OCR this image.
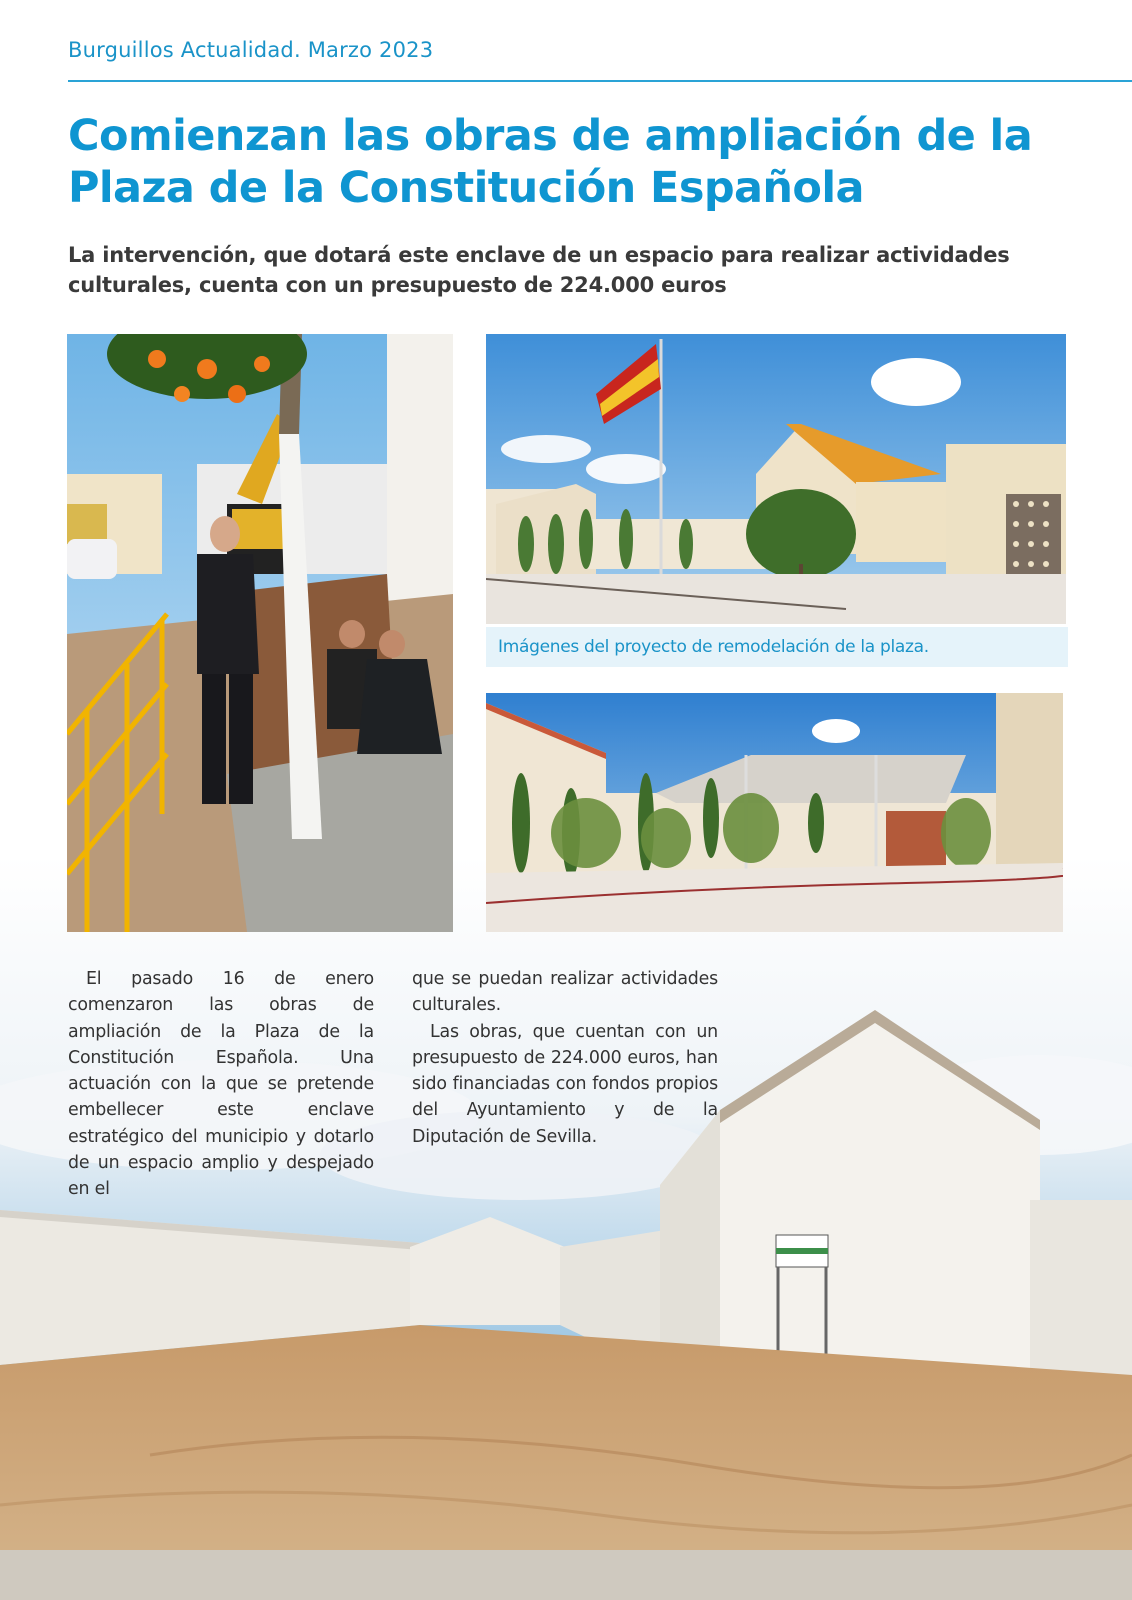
Burguillos Actualidad. Marzo 2023
Comienzan las obras de ampliación de la Plaza de la Constitución Española

La intervención, que dotará este enclave de un espacio para realizar actividades culturales, cuenta con un presupuesto de 224.000 euros

Imágenes del proyecto de remodelación de la plaza.

El pasado 16 de enero comenzaron las obras de ampliación de la Plaza de la Constitución Española. Una actuación con la que se pretende embellecer este enclave estratégico del municipio y dotarlo de un espacio amplio y despejado en el

que se puedan realizar actividades culturales.

Las obras, que cuentan con un presupuesto de 224.000 euros, han sido financiadas con fondos propios del Ayuntamiento y de la Diputación de Sevilla.
